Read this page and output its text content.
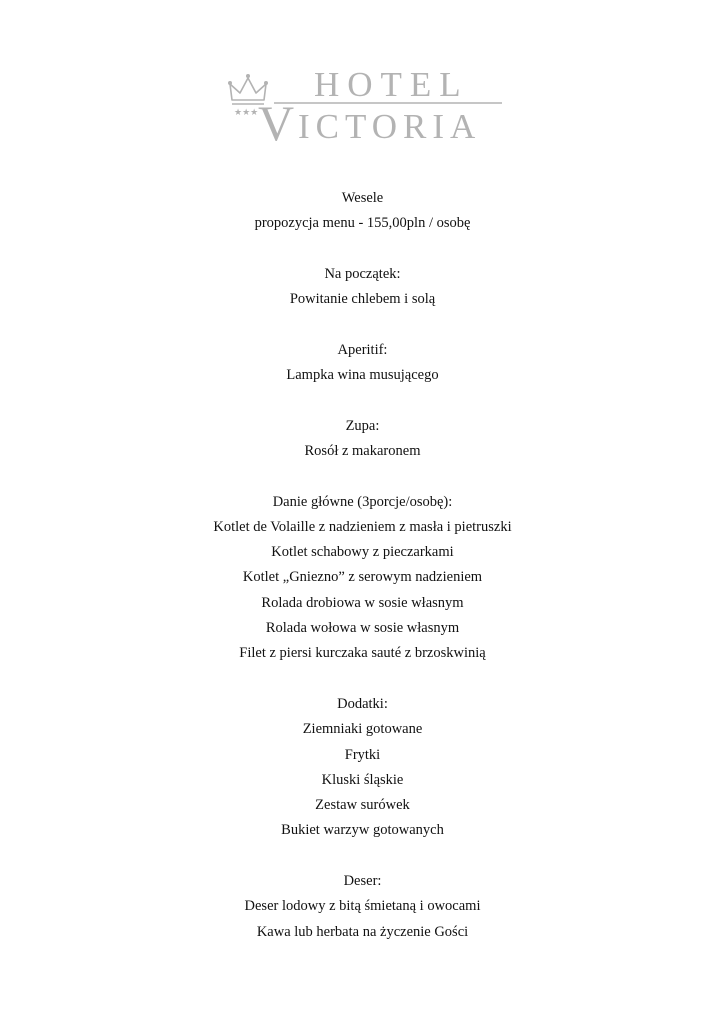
★★★
HOTEL
V ICTORIA
Wesele
propozycja menu - 155,00pln / osobę
Na początek:
Powitanie chlebem i solą
Aperitif:
Lampka wina musującego
Zupa:
Rosół z makaronem
Danie główne (3porcje/osobę):
Kotlet de Volaille z nadzieniem z masła i pietruszki
Kotlet schabowy z pieczarkami
Kotlet „Gniezno” z serowym nadzieniem
Rolada drobiowa w sosie własnym
Rolada wołowa w sosie własnym
Filet z piersi kurczaka sauté z brzoskwinią
Dodatki:
Ziemniaki gotowane
Frytki
Kluski śląskie
Zestaw surówek
Bukiet warzyw gotowanych
Deser:
Deser lodowy z bitą śmietaną i owocami
Kawa lub herbata na życzenie Gości
